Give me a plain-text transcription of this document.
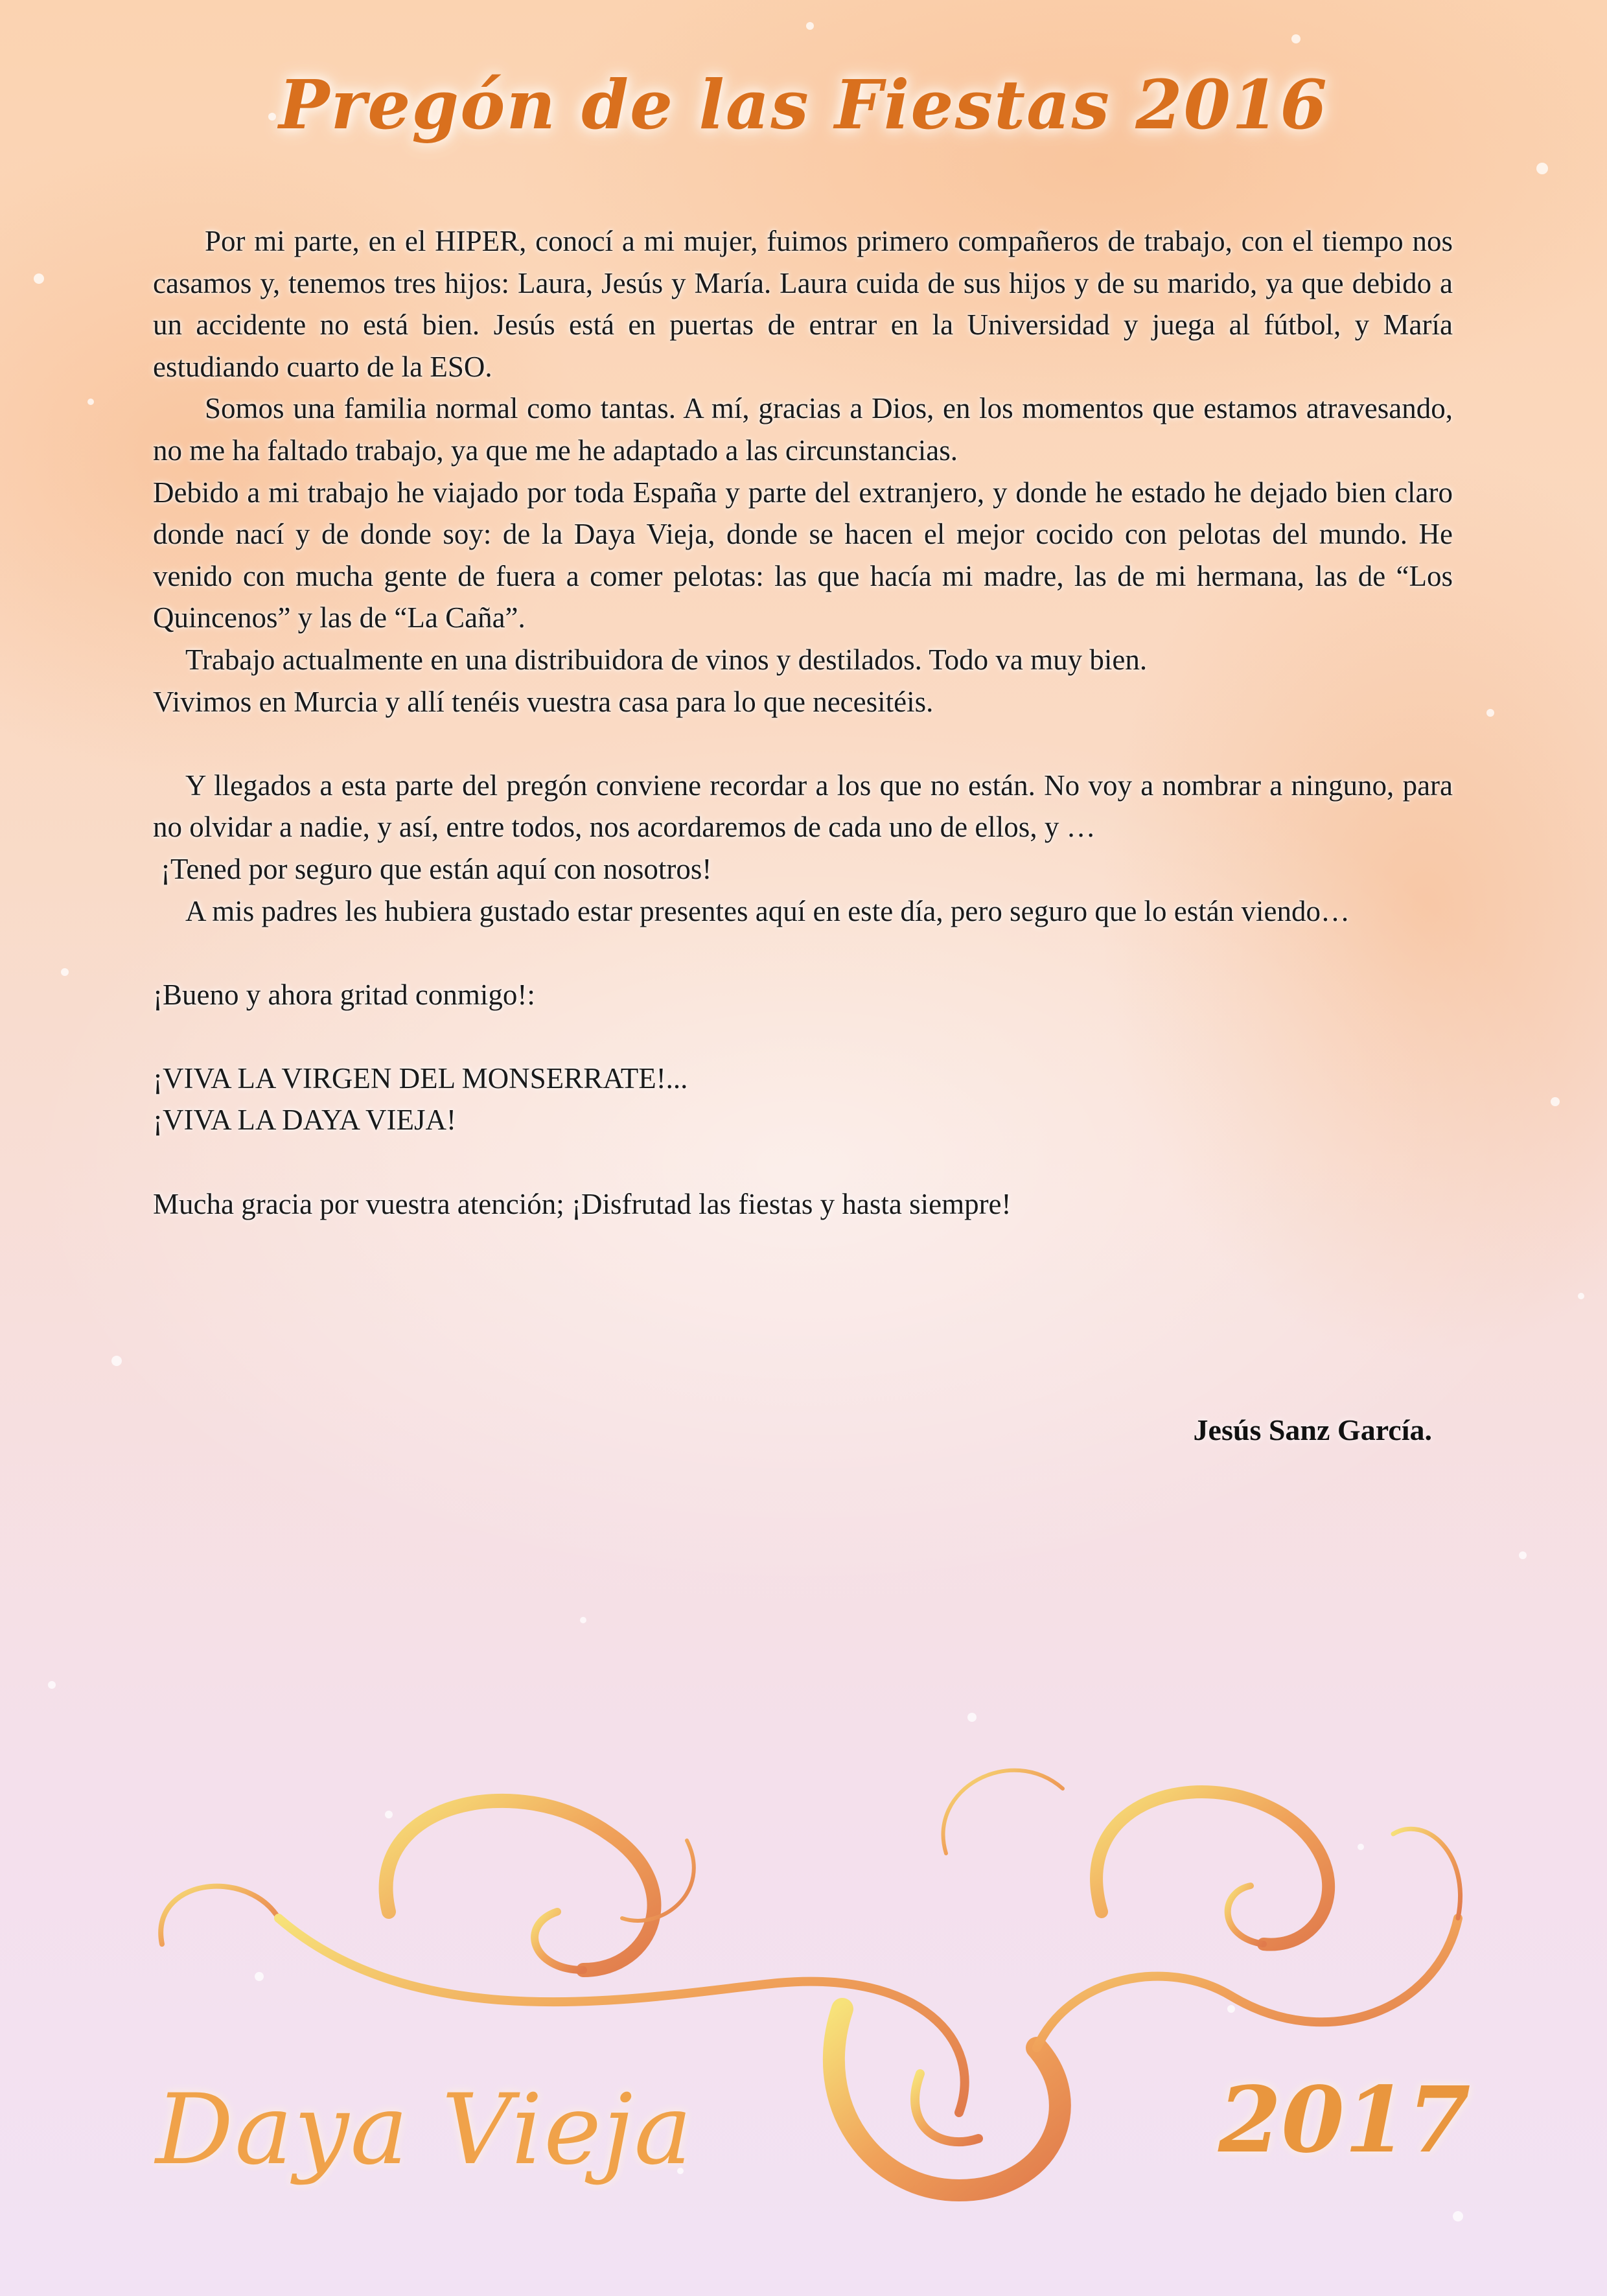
Pregón de las Fiestas 2016

Por mi parte, en el HIPER, conocí a mi mujer, fuimos primero compañeros de trabajo, con el tiempo nos casamos y, tenemos tres hijos: Laura, Jesús y María. Laura cuida de sus hijos y de su marido, ya que debido a un accidente no está bien. Jesús está en puertas de entrar en la Universidad y juega al fútbol, y María estudiando cuarto de la ESO.

Somos una familia normal como tantas. A mí, gracias a Dios, en los momentos que estamos atravesando, no me ha faltado trabajo, ya que me he adaptado a las circunstancias.

Debido a mi trabajo he viajado por toda España y parte del extranjero, y donde he estado he dejado bien claro donde nací y de donde soy: de la Daya Vieja, donde se hacen el mejor cocido con pelotas del mundo. He venido con mucha gente de fuera a comer pelotas: las que hacía mi madre, las de mi hermana, las de “Los Quincenos” y las de “La Caña”.

Trabajo actualmente en una distribuidora de vinos y destilados. Todo va muy bien.

Vivimos en Murcia y allí tenéis vuestra casa para lo que necesitéis.

Y llegados a esta parte del pregón conviene recordar a los que no están. No voy a nombrar a ninguno, para no olvidar a nadie, y así, entre todos, nos acordaremos de cada uno de ellos, y …

¡Tened por seguro que están aquí con nosotros!

A mis padres les hubiera gustado estar presentes aquí en este día, pero seguro que lo están viendo…

¡Bueno y ahora gritad conmigo!:

¡VIVA LA VIRGEN DEL MONSERRATE!...

¡VIVA LA DAYA VIEJA!

Mucha gracia por vuestra atención; ¡Disfrutad las fiestas y hasta siempre!

Jesús Sanz García.
Daya Vieja	2017
